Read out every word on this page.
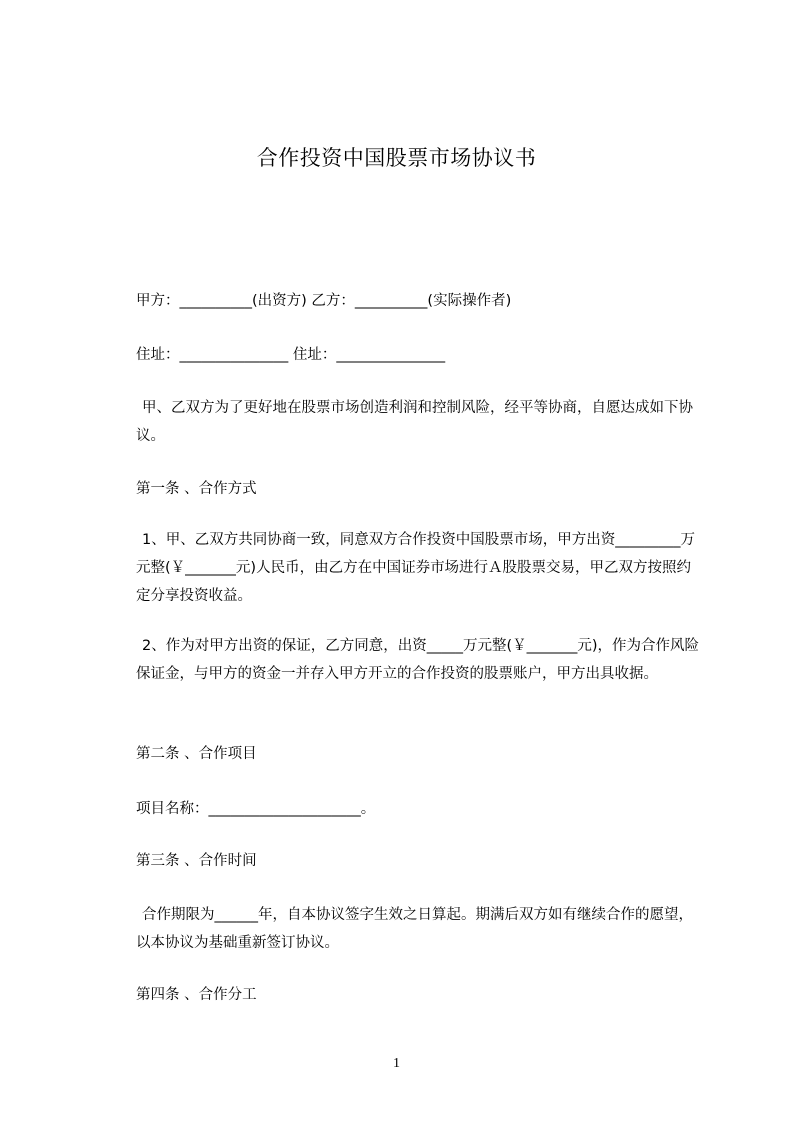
合作投资中国股票市场协议书
甲方：__________(出资方) 乙方：__________(实际操作者)
住址：_______________ 住址：_______________
甲、乙双方为了更好地在股票市场创造利润和控制风险，经平等协商，自愿达成如下协议。
第一条 、合作方式
1、甲、乙双方共同协商一致，同意双方合作投资中国股票市场，甲方出资_________万元整(￥_______元)人民币，由乙方在中国证券市场进行Ａ股股票交易，甲乙双方按照约定分享投资收益。
2、作为对甲方出资的保证，乙方同意，出资_____万元整(￥_______元)，作为合作风险保证金，与甲方的资金一并存入甲方开立的合作投资的股票账户，甲方出具收据。
第二条 、合作项目
项目名称：_____________________。
第三条 、合作时间
合作期限为______年，自本协议签字生效之日算起。期满后双方如有继续合作的愿望，以本协议为基础重新签订协议。
第四条 、合作分工
1
